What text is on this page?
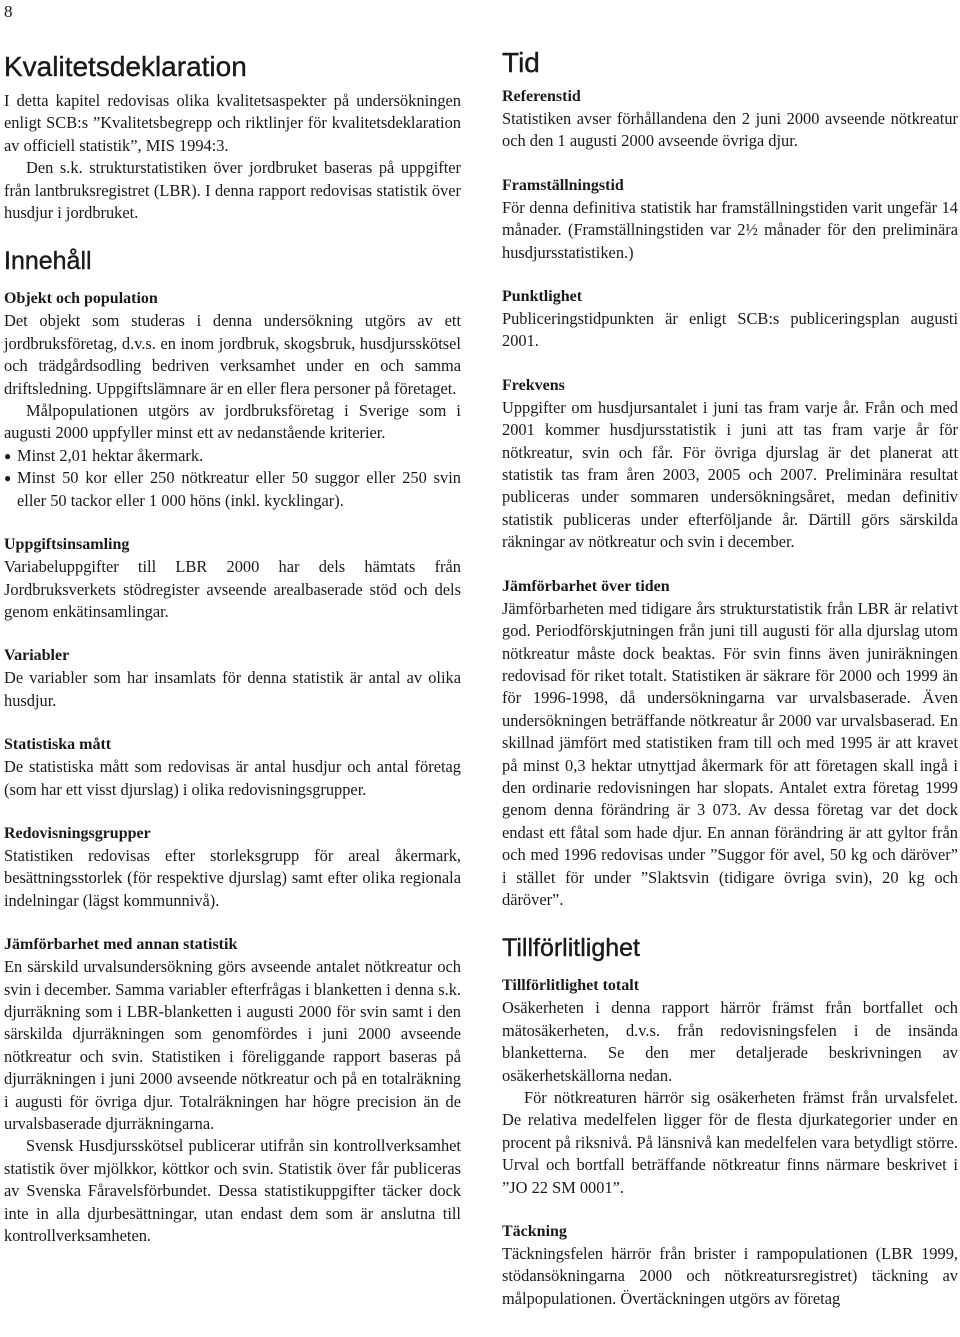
8
Kvalitetsdeklaration

I detta kapitel redovisas olika kvalitetsaspekter på undersökningen enligt SCB:s ”Kvalitetsbegrepp och riktlinjer för kvalitetsdeklaration av officiell statistik”, MIS 1994:3.

Den s.k. strukturstatistiken över jordbruket baseras på uppgifter från lantbruksregistret (LBR). I denna rapport redovisas statistik över husdjur i jordbruket.

Innehåll
Objekt och population

Det objekt som studeras i denna undersökning utgörs av ett jordbruksföretag, d.v.s. en inom jordbruk, skogsbruk, husdjursskötsel och trädgårdsodling bedriven verksamhet under en och samma driftsledning. Uppgiftslämnare är en eller flera personer på företaget.

Målpopulationen utgörs av jordbruksföretag i Sverige som i augusti 2000 uppfyller minst ett av nedanstående kriterier.

● Minst 2,01 hektar åkermark.
● Minst 50 kor eller 250 nötkreatur eller 50 suggor eller 250 svin eller 50 tackor eller 1 000 höns (inkl. kycklingar).
Uppgiftsinsamling

Variabeluppgifter till LBR 2000 har dels hämtats från Jordbruksverkets stödregister avseende arealbaserade stöd och dels genom enkätinsamlingar.

Variabler

De variabler som har insamlats för denna statistik är antal av olika husdjur.

Statistiska mått

De statistiska mått som redovisas är antal husdjur och antal företag (som har ett visst djurslag) i olika redovisningsgrupper.

Redovisningsgrupper

Statistiken redovisas efter storleksgrupp för areal åkermark, besättningsstorlek (för respektive djurslag) samt efter olika regionala indelningar (lägst kommunnivå).

Jämförbarhet med annan statistik

En särskild urvalsundersökning görs avseende antalet nötkreatur och svin i december. Samma variabler efterfrågas i blanketten i denna s.k. djurräkning som i LBR-blanketten i augusti 2000 för svin samt i den särskilda djurräkningen som genomfördes i juni 2000 avseende nötkreatur och svin. Statistiken i föreliggande rapport baseras på djurräkningen i juni 2000 avseende nötkreatur och på en totalräkning i augusti för övriga djur. Totalräkningen har högre precision än de urvalsbaserade djurräkningarna.

Svensk Husdjursskötsel publicerar utifrån sin kontrollverksamhet statistik över mjölkkor, köttkor och svin. Statistik över får publiceras av Svenska Fåravelsförbundet. Dessa statistikuppgifter täcker dock inte in alla djurbesättningar, utan endast dem som är anslutna till kontrollverksamheten.

Tid
Referenstid

Statistiken avser förhållandena den 2 juni 2000 avseende nötkreatur och den 1 augusti 2000 avseende övriga djur.

Framställningstid

För denna definitiva statistik har framställningstiden varit ungefär 14 månader. (Framställningstiden var 2½ månader för den preliminära husdjursstatistiken.)

Punktlighet

Publiceringstidpunkten är enligt SCB:s publiceringsplan augusti 2001.

Frekvens

Uppgifter om husdjursantalet i juni tas fram varje år. Från och med 2001 kommer husdjursstatistik i juni att tas fram varje år för nötkreatur, svin och får. För övriga djurslag är det planerat att statistik tas fram åren 2003, 2005 och 2007. Preliminära resultat publiceras under sommaren undersökningsåret, medan definitiv statistik publiceras under efterföljande år. Därtill görs särskilda räkningar av nötkreatur och svin i december.

Jämförbarhet över tiden

Jämförbarheten med tidigare års strukturstatistik från LBR är relativt god. Periodförskjutningen från juni till augusti för alla djurslag utom nötkreatur måste dock beaktas. För svin finns även juniräkningen redovisad för riket totalt. Statistiken är säkrare för 2000 och 1999 än för 1996-1998, då undersökningarna var urvalsbaserade. Även undersökningen beträffande nötkreatur år 2000 var urvalsbaserad. En skillnad jämfört med statistiken fram till och med 1995 är att kravet på minst 0,3 hektar utnyttjad åkermark för att företagen skall ingå i den ordinarie redovisningen har slopats. Antalet extra företag 1999 genom denna förändring är 3 073. Av dessa företag var det dock endast ett fåtal som hade djur. En annan förändring är att gyltor från och med 1996 redovisas under ”Suggor för avel, 50 kg och däröver” i stället för under ”Slaktsvin (tidigare övriga svin), 20 kg och däröver”.

Tillförlitlighet
Tillförlitlighet totalt

Osäkerheten i denna rapport härrör främst från bortfallet och mätosäkerheten, d.v.s. från redovisningsfelen i de insända blanketterna. Se den mer detaljerade beskrivningen av osäkerhetskällorna nedan.

För nötkreaturen härrör sig osäkerheten främst från urvalsfelet. De relativa medelfelen ligger för de flesta djurkategorier under en procent på riksnivå. På länsnivå kan medelfelen vara betydligt större. Urval och bortfall beträffande nötkreatur finns närmare beskrivet i ”JO 22 SM 0001”.

Täckning

Täckningsfelen härrör från brister i rampopulationen (LBR 1999, stödansökningarna 2000 och nötkreatursregistret) täckning av målpopulationen. Övertäckningen utgörs av företag
